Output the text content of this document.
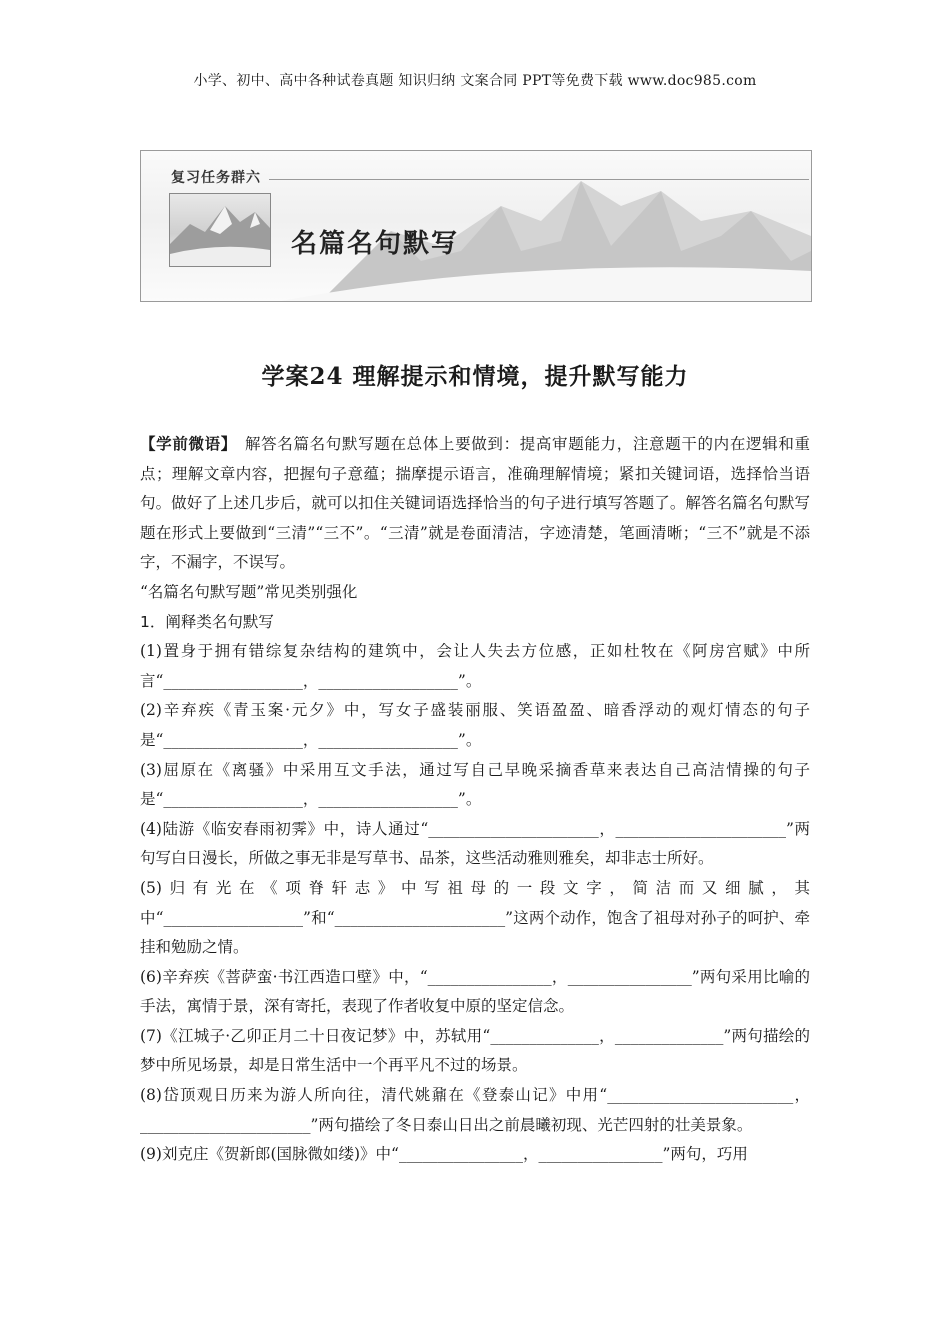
小学、初中、高中各种试卷真题 知识归纳 文案合同 PPT等免费下载 www.doc985.com
复习任务群六
名篇名句默写
学案24 理解提示和情境，提升默写能力

【学前微语】 解答名篇名句默写题在总体上要做到：提高审题能力，注意题干的内在逻辑和重点；理解文章内容，把握句子意蕴；揣摩提示语言，准确理解情境；紧扣关键词语，选择恰当语句。做好了上述几步后，就可以扣住关键词语选择恰当的句子进行填写答题了。解答名篇名句默写题在形式上要做到“三清”“三不”。“三清”就是卷面清洁，字迹清楚，笔画清晰；“三不”就是不添字，不漏字，不误写。

“名篇名句默写题”常见类别强化

1．阐释类名句默写

(1)置身于拥有错综复杂结构的建筑中，会让人失去方位感，正如杜牧在《阿房宫赋》中所言“__________________，__________________”。

(2)辛弃疾《青玉案·元夕》中，写女子盛装丽服、笑语盈盈、暗香浮动的观灯情态的句子是“__________________，__________________”。

(3)屈原在《离骚》中采用互文手法，通过写自己早晚采摘香草来表达自己高洁情操的句子是“__________________，__________________”。

(4)陆游《临安春雨初霁》中，诗人通过“______________________，______________________”两句写白日漫长，所做之事无非是写草书、品茶，这些活动雅则雅矣，却非志士所好。

(5)归有光在《项脊轩志》中写祖母的一段文字，简洁而又细腻，其中“__________________”和“______________________”这两个动作，饱含了祖母对孙子的呵护、牵挂和勉励之情。

(6)辛弃疾《菩萨蛮·书江西造口壁》中，“________________，________________”两句采用比喻的手法，寓情于景，深有寄托，表现了作者收复中原的坚定信念。

(7)《江城子·乙卯正月二十日夜记梦》中，苏轼用“______________，______________”两句描绘的梦中所见场景，却是日常生活中一个再平凡不过的场景。

(8)岱顶观日历来为游人所向往，清代姚鼐在《登泰山记》中用“________________________，______________________”两句描绘了冬日泰山日出之前晨曦初现、光芒四射的壮美景象。

(9)刘克庄《贺新郎(国脉微如缕)》中“________________，________________”两句，巧用
